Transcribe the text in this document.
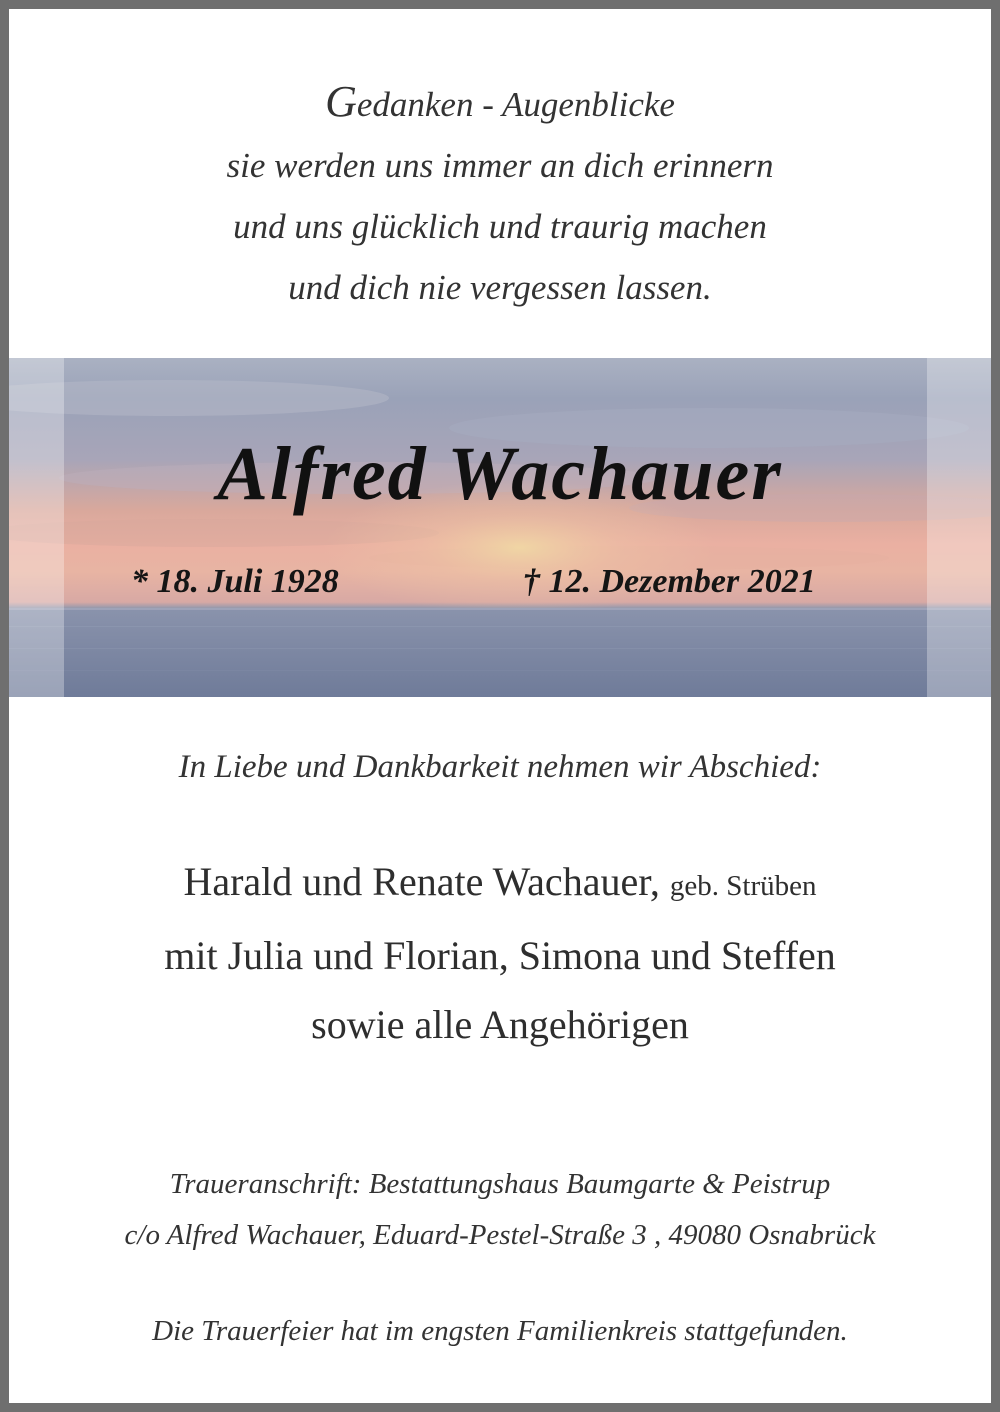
Gedanken - Augenblicke
sie werden uns immer an dich erinnern
und uns glücklich und traurig machen
und dich nie vergessen lassen.
Alfred Wachauer
* 18. Juli 1928	† 12. Dezember 2021
In Liebe und Dankbarkeit nehmen wir Abschied:
Harald und Renate Wachauer, geb. Strüben
mit Julia und Florian, Simona und Steffen
sowie alle Angehörigen
Traueranschrift: Bestattungshaus Baumgarte & Peistrup
c/o Alfred Wachauer, Eduard-Pestel-Straße 3 , 49080 Osnabrück
Die Trauerfeier hat im engsten Familienkreis stattgefunden.
